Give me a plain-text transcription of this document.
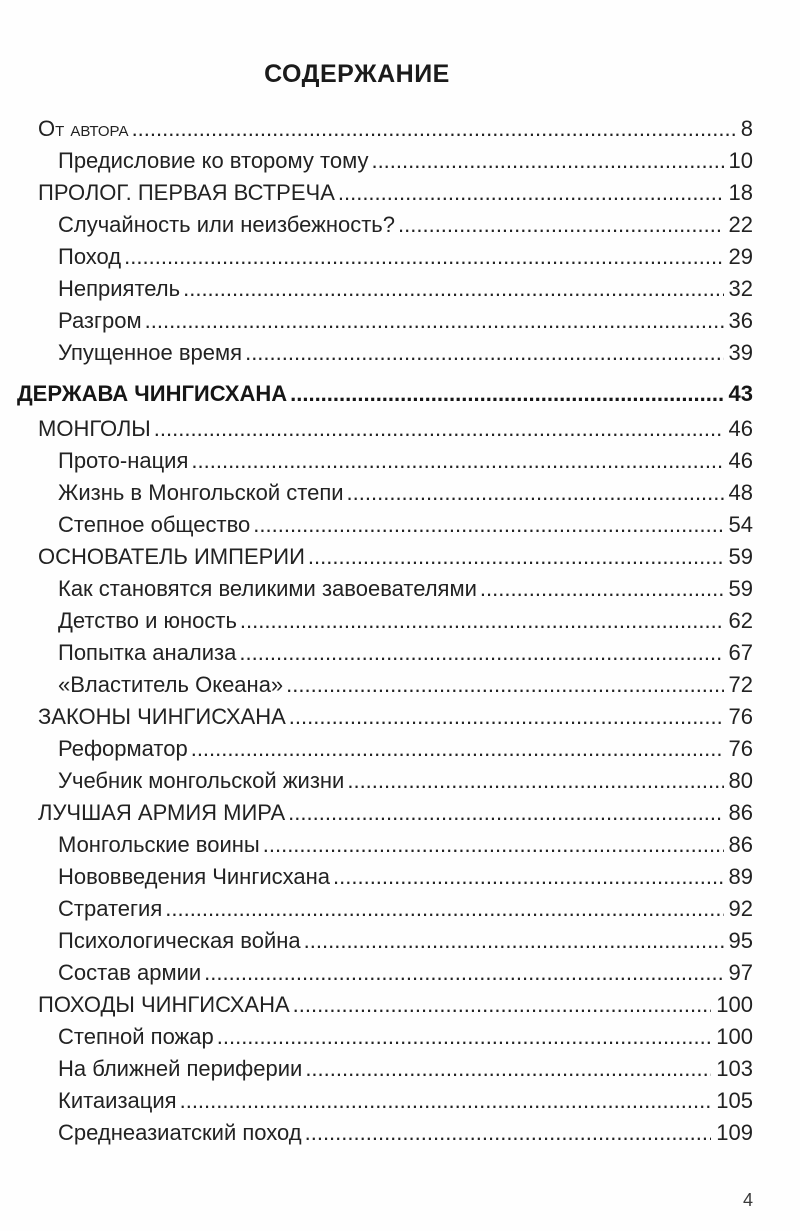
СОДЕРЖАНИЕ
От автора .....	8
Предисловие ко второму тому .....	10
ПРОЛОГ. ПЕРВАЯ ВСТРЕЧА .....	18
Случайность или неизбежность? .....	22
Поход .....	29
Неприятель .....	32
Разгром .....	36
Упущенное время .....	39
ДЕРЖАВА ЧИНГИСХАНА .....	43
МОНГОЛЫ .....	46
Прото-нация .....	46
Жизнь в Монгольской степи .....	48
Степное общество .....	54
ОСНОВАТЕЛЬ ИМПЕРИИ .....	59
Как становятся великими завоевателями .....	59
Детство и юность .....	62
Попытка анализа .....	67
«Властитель Океана» .....	72
ЗАКОНЫ ЧИНГИСХАНА .....	76
Реформатор .....	76
Учебник монгольской жизни .....	80
ЛУЧШАЯ АРМИЯ МИРА .....	86
Монгольские воины .....	86
Нововведения Чингисхана .....	89
Стратегия .....	92
Психологическая война .....	95
Состав армии .....	97
ПОХОДЫ ЧИНГИСХАНА .....	100
Степной пожар .....	100
На ближней периферии .....	103
Китаизация .....	105
Среднеазиатский поход .....	109
4
